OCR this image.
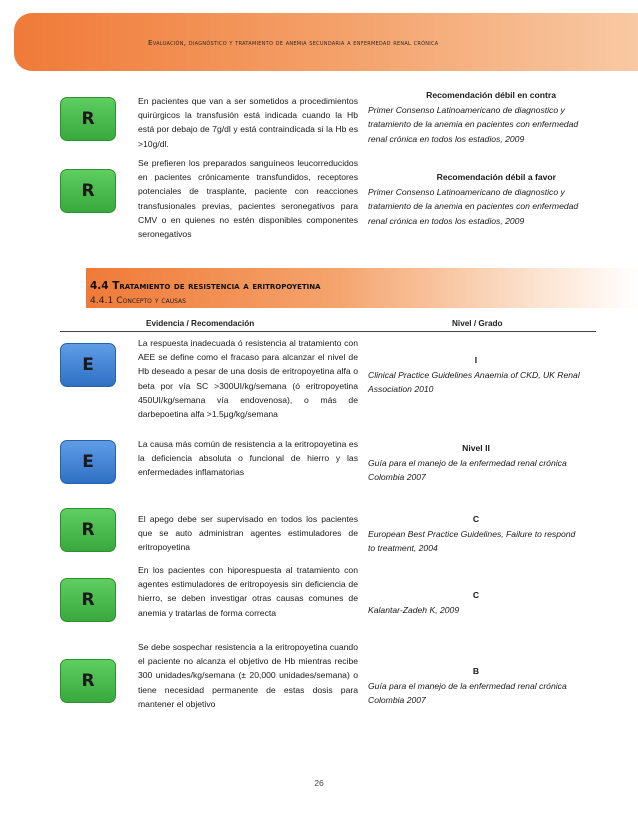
Evaluación, diagnóstico y tratamiento de anemia secundaria a enfermedad renal crónica
R
En pacientes que van a ser sometidos a procedimientos quirúrgicos la transfusión está indicada cuando la Hb está por debajo de 7g/dl y está contraindicada si la Hb es >10g/dl.
Recomendación débil en contra
Primer Consenso Latinoamericano de diagnostico y tratamiento de la anemia en pacientes con enfermedad renal crónica en todos los estadios, 2009
R
Se prefieren los preparados sanguíneos leucorreducidos en pacientes crónicamente transfundidos, receptores potenciales de trasplante, paciente con reacciones transfusionales previas, pacientes seronegativos para CMV o en quienes no estén disponibles componentes seronegativos
Recomendación débil a favor
Primer Consenso Latinoamericano de diagnostico y tratamiento de la anemia en pacientes con enfermedad renal crónica en todos los estadios, 2009
4.4 Tratamiento de resistencia a eritropoyetina
4.4.1 Concepto y causas
Evidencia / Recomendación	Nivel / Grado
E
La respuesta inadecuada ó resistencia al tratamiento con AEE se define como el fracaso para alcanzar el nivel de Hb deseado a pesar de una dosis de eritropoyetina alfa o beta por vía SC >300UI/kg/semana (ó eritropoyetina 450UI/kg/semana vía endovenosa), o más de darbepoetina alfa >1.5μg/kg/semana
I
Clinical Practice Guidelines Anaemia of CKD, UK Renal Association 2010
E
La causa más común de resistencia a la eritropoyetina es la deficiencia absoluta o funcional de hierro y las enfermedades inflamatorias
Nivel II
Guía para el manejo de la enfermedad renal crónica Colombia 2007
R
El apego debe ser supervisado en todos los pacientes que se auto administran agentes estimuladores de eritropoyetina
C
European Best Practice Guidelines, Failure to respond to treatment, 2004
R
En los pacientes con hiporespuesta al tratamiento con agentes estimuladores de eritropoyesis sin deficiencia de hierro, se deben investigar otras causas comunes de anemia y tratarlas de forma correcta
C
Kalantar-Zadeh K, 2009
R
Se debe sospechar resistencia a la eritropoyetina cuando el paciente no alcanza el objetivo de Hb mientras recibe 300 unidades/kg/semana (± 20,000 unidades/semana) o tiene necesidad permanente de estas dosis para mantener el objetivo
B
Guía para el manejo de la enfermedad renal crónica Colombia 2007
26
